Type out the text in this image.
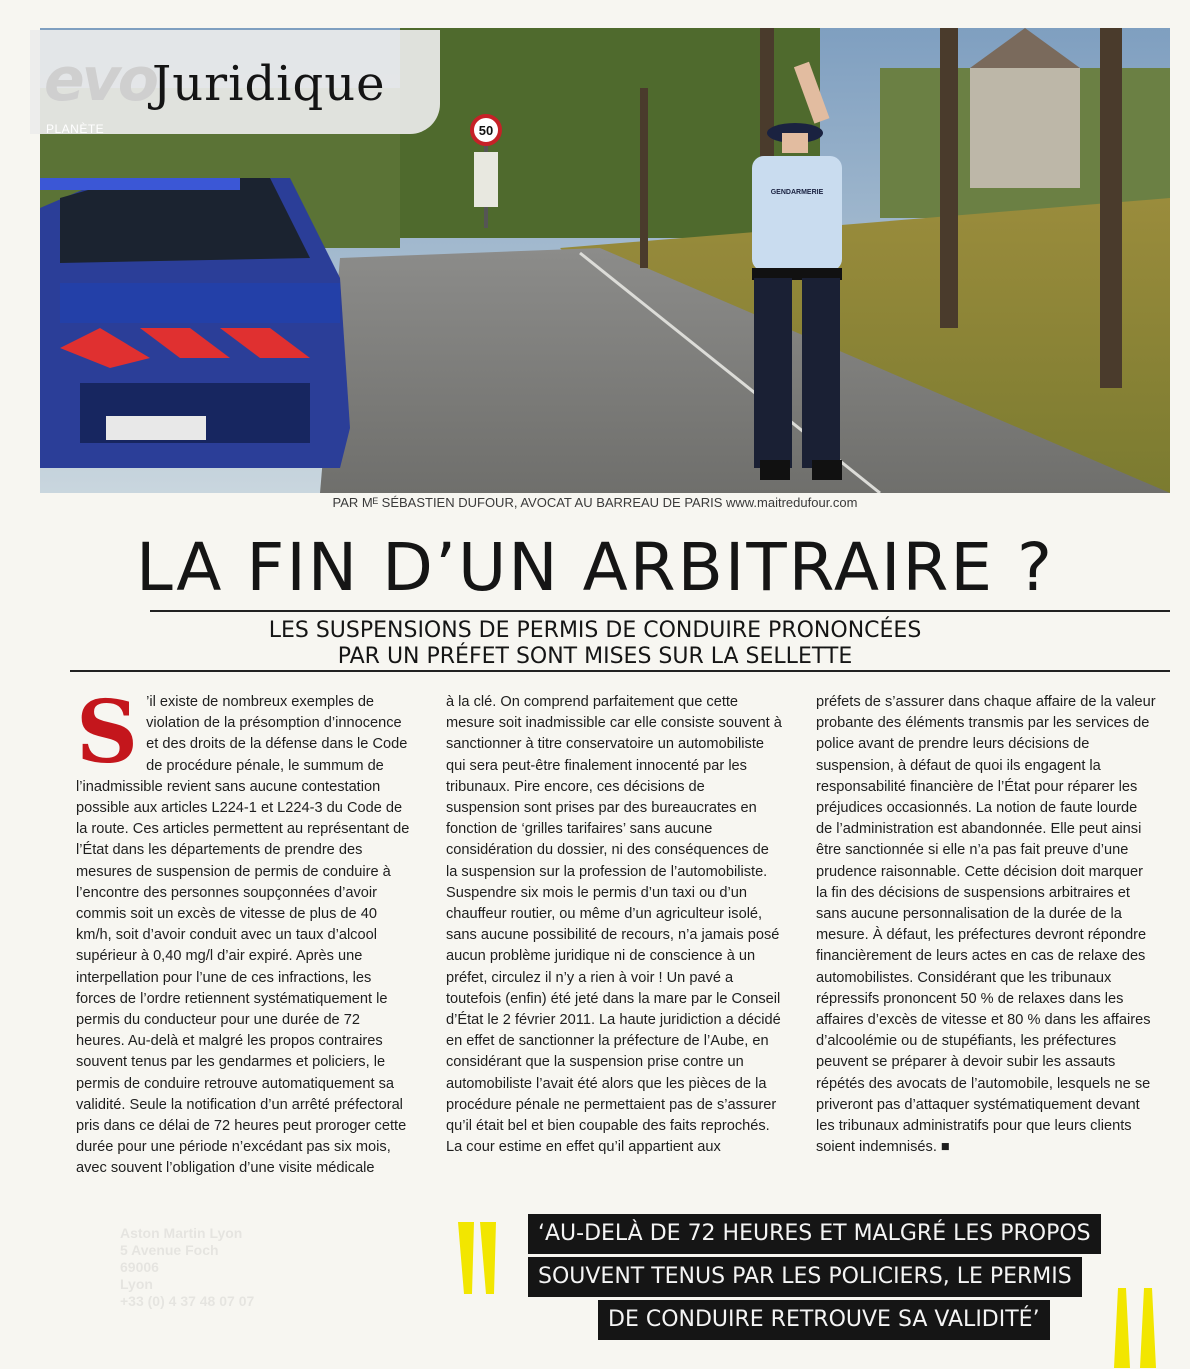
50
GENDARMERIE
evo
Juridique
PLANÈTE
PAR Mᴱ SÉBASTIEN DUFOUR, AVOCAT AU BARREAU DE PARIS www.maitredufour.com
LA FIN D’UN ARBITRAIRE ?
LES SUSPENSIONS DE PERMIS DE CONDUIRE PRONONCÉES
PAR UN PRÉFET SONT MISES SUR LA SELLETTE
Aston Martin Lyon
5 Avenue Foch
69006
Lyon
+33 (0) 4 37 48 07 07
S ’il existe de nombreux exemples de violation de la présomption d’innocence et des droits de la défense dans le Code de procédure pénale, le summum de l’inadmissible revient sans aucune contestation possible aux articles L224-1 et L224-3 du Code de la route. Ces articles permettent au représentant de l’État dans les départements de prendre des mesures de suspension de permis de conduire à l’encontre des personnes soupçonnées d’avoir commis soit un excès de vitesse de plus de 40 km/h, soit d’avoir conduit avec un taux d’alcool supérieur à 0,40 mg/l d’air expiré. Après une interpellation pour l’une de ces infractions, les forces de l’ordre retiennent systématiquement le permis du conducteur pour une durée de 72 heures. Au-delà et malgré les propos contraires souvent tenus par les gendarmes et policiers, le permis de conduire retrouve automatiquement sa validité. Seule la notification d’un arrêté préfectoral pris dans ce délai de 72 heures peut proroger cette durée pour une période n’excédant pas six mois, avec souvent l’obligation d’une visite médicale
à la clé. On comprend parfaitement que cette mesure soit inadmissible car elle consiste souvent à sanctionner à titre conservatoire un automobiliste qui sera peut-être finalement innocenté par les tribunaux. Pire encore, ces décisions de suspension sont prises par des bureaucrates en fonction de ‘grilles tarifaires’ sans aucune considération du dossier, ni des conséquences de la suspension sur la profession de l’automobiliste. Suspendre six mois le permis d’un taxi ou d’un chauffeur routier, ou même d’un agriculteur isolé, sans aucune possibilité de recours, n’a jamais posé aucun problème juridique ni de conscience à un préfet, circulez il n’y a rien à voir ! Un pavé a toutefois (enfin) été jeté dans la mare par le Conseil d’État le 2 février 2011. La haute juridiction a décidé en effet de sanctionner la préfecture de l’Aube, en considérant que la suspension prise contre un automobiliste l’avait été alors que les pièces de la procédure pénale ne permettaient pas de s’assurer qu’il était bel et bien coupable des faits reprochés. La cour estime en effet qu’il appartient aux
préfets de s’assurer dans chaque affaire de la valeur probante des éléments transmis par les services de police avant de prendre leurs décisions de suspension, à défaut de quoi ils engagent la responsabilité financière de l’État pour réparer les préjudices occasionnés. La notion de faute lourde de l’administration est abandonnée. Elle peut ainsi être sanctionnée si elle n’a pas fait preuve d’une prudence raisonnable. Cette décision doit marquer la fin des décisions de suspensions arbitraires et sans aucune personnalisation de la durée de la mesure. À défaut, les préfectures devront répondre financièrement de leurs actes en cas de relaxe des automobilistes. Considérant que les tribunaux répressifs prononcent 50 % de relaxes dans les affaires d’excès de vitesse et 80 % dans les affaires d’alcoolémie ou de stupéfiants, les préfectures peuvent se préparer à devoir subir les assauts répétés des avocats de l’automobile, lesquels ne se priveront pas d’attaquer systématiquement devant les tribunaux administratifs pour que leurs clients soient indemnisés. ■
‘AU-DELÀ DE 72 HEURES ET MALGRÉ LES PROPOS
SOUVENT TENUS PAR LES POLICIERS, LE PERMIS
DE CONDUIRE RETROUVE SA VALIDITÉ’
